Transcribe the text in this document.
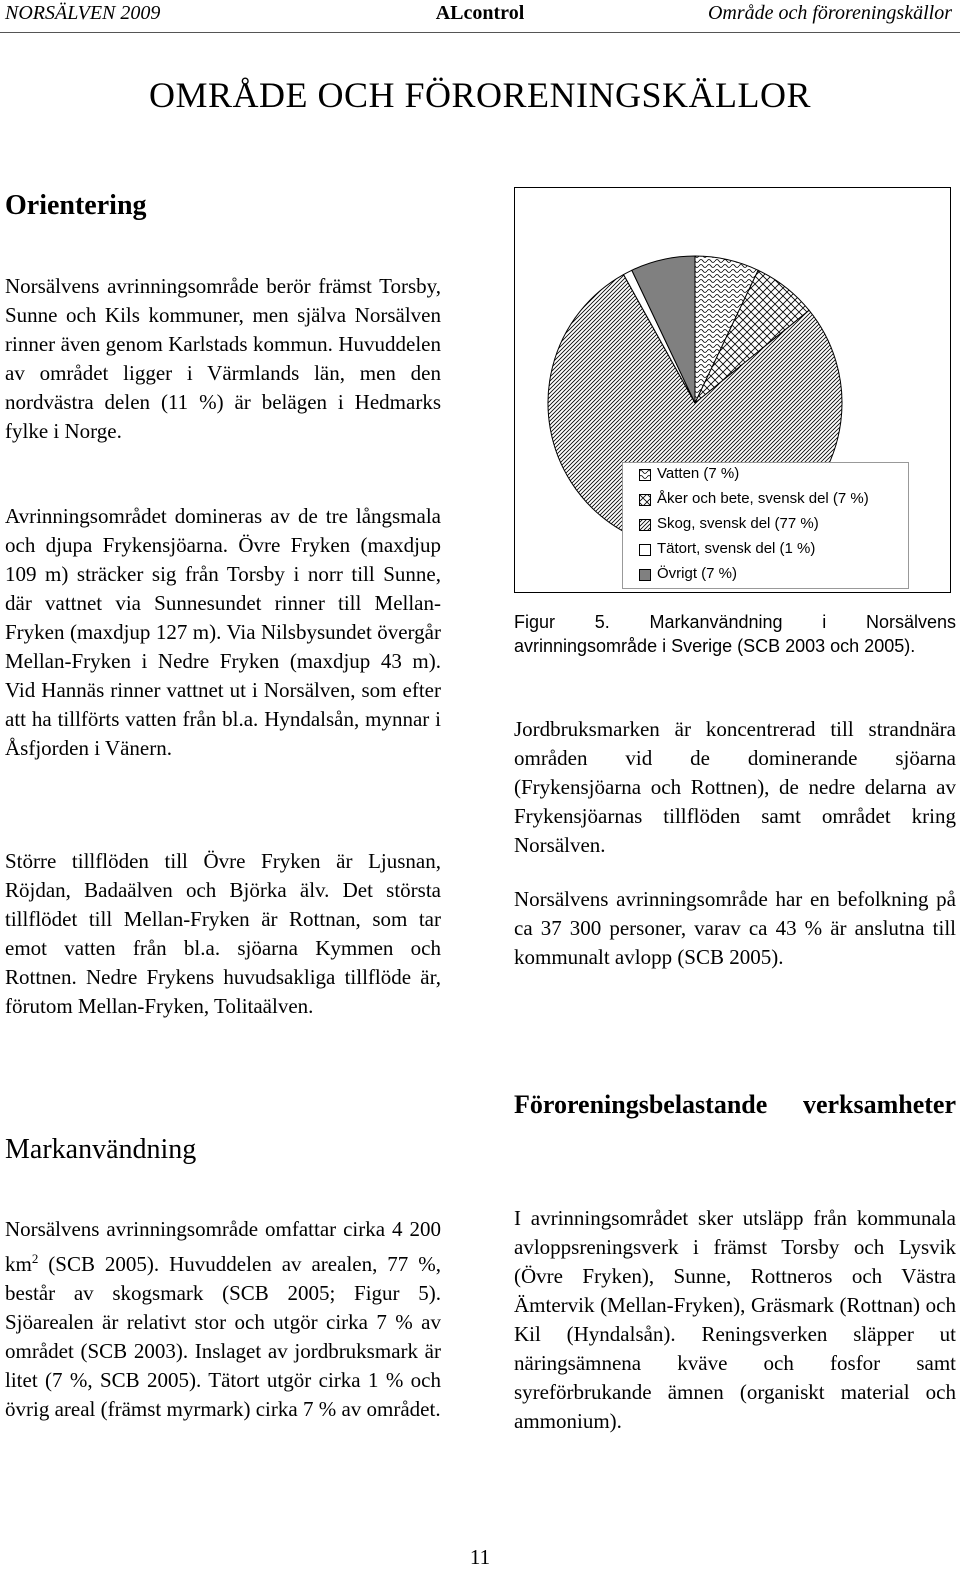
NORSÄLVEN 2009	ALcontrol	Område och föroreningskällor
OMRÅDE OCH FÖRORENINGSKÄLLOR
Orientering

Norsälvens avrinningsområde berör främst Torsby, Sunne och Kils kommuner, men själva Norsälven rinner även genom Karlstads kommun. Huvuddelen av området ligger i Värmlands län, men den nordvästra delen (11 %) är belägen i Hedmarks fylke i Norge.

Avrinningsområdet domineras av de tre långsmala och djupa Frykensjöarna. Övre Fryken (maxdjup 109 m) sträcker sig från Torsby i norr till Sunne, där vattnet via Sunnesundet rinner till Mellan-Fryken (maxdjup 127 m). Via Nilsbysundet övergår Mellan-Fryken i Nedre Fryken (maxdjup 43 m). Vid Hannäs rinner vattnet ut i Norsälven, som efter att ha tillförts vatten från bl.a. Hyndalsån, mynnar i Åsfjorden i Vänern.

Större tillflöden till Övre Fryken är Ljusnan, Röjdan, Badaälven och Björka älv. Det största tillflödet till Mellan-Fryken är Rottnan, som tar emot vatten från bl.a. sjöarna Kymmen och Rottnen. Nedre Frykens huvudsakliga tillflöde är, förutom Mellan-Fryken, Tolitaälven.

Markanvändning

Norsälvens avrinningsområde omfattar cirka 4 200 $km^2$ (SCB 2005). Huvuddelen av arealen, 77 %, består av skogsmark (SCB 2005; Figur 5). Sjöarealen är relativt stor och utgör cirka 7 % av området (SCB 2003). Inslaget av jordbruksmark är litet (7 %, SCB 2005). Tätort utgör cirka 1 % och övrig areal (främst myrmark) cirka 7 % av området.

Vatten (7 %)
Åker och bete, svensk del (7 %)
Skog, svensk del (77 %)
Tätort, svensk del (1 %)
Övrigt (7 %)

Figur 5. Markanvändning i Norsälvens avrinningsområde i Sverige (SCB 2003 och 2005).

Jordbruksmarken är koncentrerad till strandnära områden vid de dominerande sjöarna (Frykensjöarna och Rottnen), de nedre delarna av Frykensjöarnas tillflöden samt området kring Norsälven.

Norsälvens avrinningsområde har en befolkning på ca 37 300 personer, varav ca 43 % är anslutna till kommunalt avlopp (SCB 2005).

Föroreningsbelastande verksamheter

I avrinningsområdet sker utsläpp från kommunala avloppsreningsverk i främst Torsby och Lysvik (Övre Fryken), Sunne, Rottneros och Västra Ämtervik (Mellan-Fryken), Gräsmark (Rottnan) och Kil (Hyndalsån). Reningsverken släpper ut näringsämnena kväve och fosfor samt syreförbrukande ämnen (organiskt material och ammonium).

11
